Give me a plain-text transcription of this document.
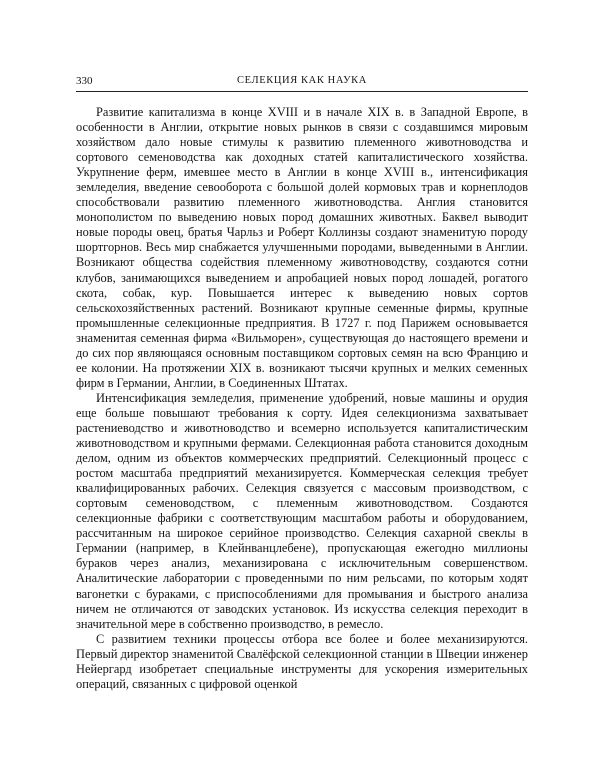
330	СЕЛЕКЦИЯ КАК НАУКА

Развитие капитализма в конце XVIII и в начале XIX в. в Западной Европе, в особенности в Англии, открытие новых рынков в связи с создавшимся мировым хозяйством дало новые стимулы к развитию племенного животноводства и сортового семеноводства как доходных статей капиталистического хозяйства. Укрупнение ферм, имевшее место в Англии в конце XVIII в., интенсификация земледелия, введение севооборота с большой долей кормовых трав и корнеплодов способствовали развитию племенного животноводства. Англия становится монополистом по выведению новых пород домашних животных. Баквел выводит новые породы овец, братья Чарльз и Роберт Коллинзы создают знаменитую породу шортгорнов. Весь мир снабжается улучшенными породами, выведенными в Англии. Возникают общества содействия племенному животноводству, создаются сотни клубов, занимающихся выведением и апробацией новых пород лошадей, рогатого скота, собак, кур. Повышается интерес к выведению новых сортов сельскохозяйственных растений. Возникают крупные семенные фирмы, крупные промышленные селекционные предприятия. В 1727 г. под Парижем основывается знаменитая семенная фирма «Вильморен», существующая до настоящего времени и до сих пор являющаяся основным поставщиком сортовых семян на всю Францию и ее колонии. На протяжении XIX в. возникают тысячи крупных и мелких семенных фирм в Германии, Англии, в Соединенных Штатах.

Интенсификация земледелия, применение удобрений, новые машины и орудия еще больше повышают требования к сорту. Идея селекционизма захватывает растениеводство и животноводство и всемерно используется капиталистическим животноводством и крупными фермами. Селекционная работа становится доходным делом, одним из объектов коммерческих предприятий. Селекционный процесс с ростом масштаба предприятий механизируется. Коммерческая селекция требует квалифицированных рабочих. Селекция связуется с массовым производством, с сортовым семеноводством, с племенным животноводством. Создаются селекционные фабрики с соответствующим масштабом работы и оборудованием, рассчитанным на широкое серийное производство. Селекция сахарной свеклы в Германии (например, в Клейнванцлебене), пропускающая ежегодно миллионы бураков через анализ, механизирована с исключительным совершенством. Аналитические лаборатории с проведенными по ним рельсами, по которым ходят вагонетки с бураками, с приспособлениями для промывания и быстрого анализа ничем не отличаются от заводских установок. Из искусства селекция переходит в значительной мере в собственно производство, в ремесло.

С развитием техники процессы отбора все более и более механизируются. Первый директор знаменитой Свалёфской селекционной станции в Швеции инженер Нейергард изобретает специальные инструменты для ускорения измерительных операций, связанных с цифровой оценкой
